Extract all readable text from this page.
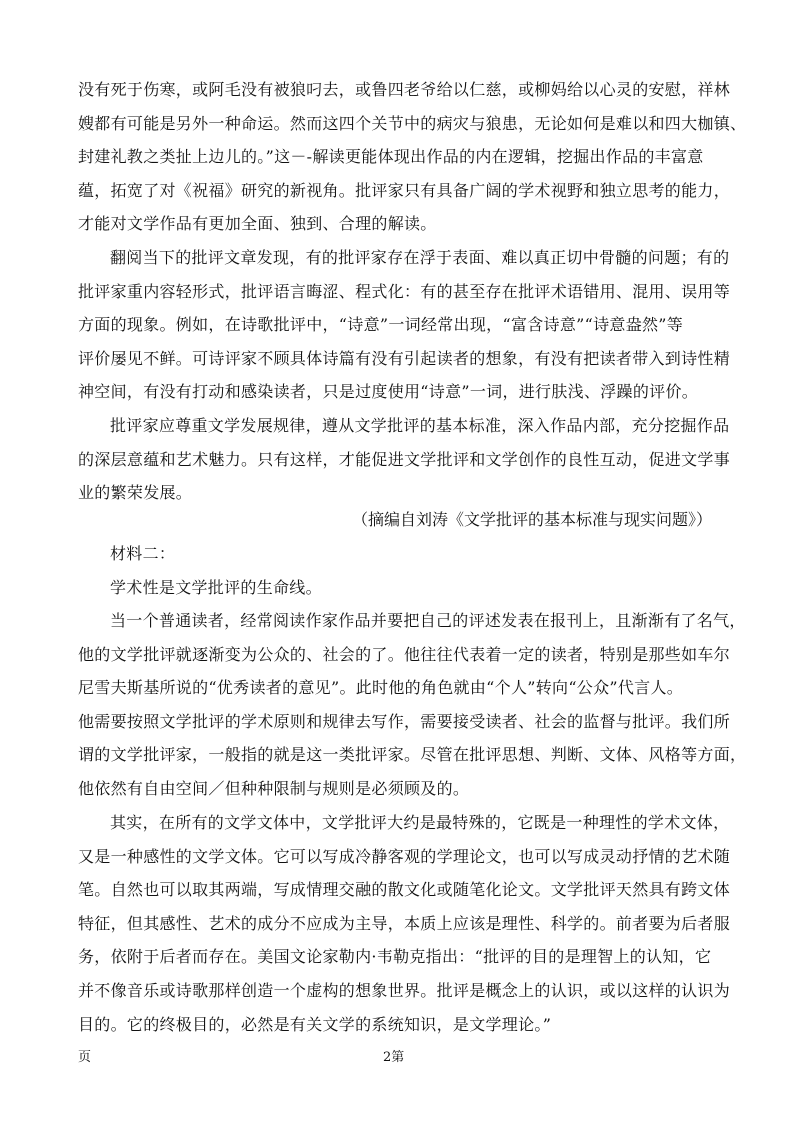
没有死于伤寒，或阿毛没有被狼叼去，或鲁四老爷给以仁慈，或柳妈给以心灵的安慰，祥林
嫂都有可能是另外一种命运。然而这四个关节中的病灾与狼患，无论如何是难以和四大枷镇、
封建礼教之类扯上边儿的。”这－-解读更能体现出作品的内在逻辑，挖掘出作品的丰富意
蕴，拓宽了对《祝福》研究的新视角。批评家只有具备广阔的学术视野和独立思考的能力，
才能对文学作品有更加全面、独到、合理的解读。
翻阅当下的批评文章发现，有的批评家存在浮于表面、难以真正切中骨髓的问题；有的
批评家重内容轻形式，批评语言晦涩、程式化：有的甚至存在批评术语错用、混用、误用等
方面的现象。例如，在诗歌批评中，“诗意”一词经常出现，“富含诗意”“诗意盎然”等
评价屡见不鲜。可诗评家不顾具体诗篇有没有引起读者的想象，有没有把读者带入到诗性精
神空间，有没有打动和感染读者，只是过度使用“诗意”一词，进行肤浅、浮躁的评价。
批评家应尊重文学发展规律，遵从文学批评的基本标准，深入作品内部，充分挖掘作品
的深层意蕴和艺术魅力。只有这样，才能促进文学批评和文学创作的良性互动，促进文学事
业的繁荣发展。
（摘编自刘涛《文学批评的基本标准与现实问题》）
材料二：
学术性是文学批评的生命线。
当一个普通读者，经常阅读作家作品并要把自己的评述发表在报刊上，且渐渐有了名气，
他的文学批评就逐渐变为公众的、社会的了。他往往代表着一定的读者，特别是那些如车尔
尼雪夫斯基所说的“优秀读者的意见”。此时他的角色就由“个人”转向“公众”代言人。
他需要按照文学批评的学术原则和规律去写作，需要接受读者、社会的监督与批评。我们所
谓的文学批评家，一般指的就是这一类批评家。尽管在批评思想、判断、文体、风格等方面，
他依然有自由空间／但种种限制与规则是必须顾及的。
其实，在所有的文学文体中，文学批评大约是最特殊的，它既是一种理性的学术文体，
又是一种感性的文学文体。它可以写成冷静客观的学理论文，也可以写成灵动抒情的艺术随
笔。自然也可以取其两端，写成情理交融的散文化或随笔化论文。文学批评天然具有跨文体
特征，但其感性、艺术的成分不应成为主导，本质上应该是理性、科学的。前者要为后者服
务，依附于后者而存在。美国文论家勒内·韦勒克指出：“批评的目的是理智上的认知，它
并不像音乐或诗歌那样创造一个虚构的想象世界。批评是概念上的认识，或以这样的认识为
目的。它的终极目的，必然是有关文学的系统知识，是文学理论。”
页	2第
